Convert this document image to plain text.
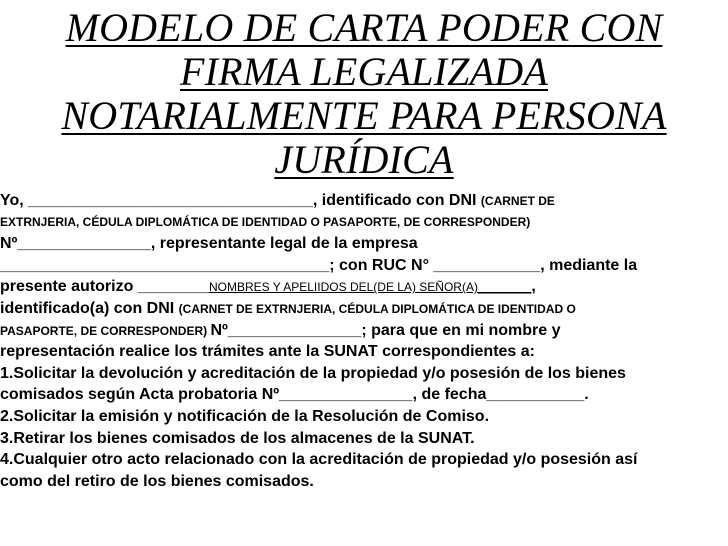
MODELO DE CARTA PODER CON
FIRMA LEGALIZADA
NOTARIALMENTE PARA PERSONA
JURÍDICA
Yo, ________________________________, identificado con DNI (CARNET DE
EXTRNJERIA, CÉDULA DIPLOMÁTICA DE IDENTIDAD O PASAPORTE, DE CORRESPONDER)
Nº_______________, representante legal de la empresa
_____________________________________; con RUC N° ____________, mediante la
presente autorizo ________NOMBRES Y APELIIDOS DEL(DE LA) SEÑOR(A)________,
identificado(a) con DNI (CARNET DE EXTRNJERIA, CÉDULA DIPLOMÁTICA DE IDENTIDAD O
PASAPORTE, DE CORRESPONDER) Nº_______________; para que en mi nombre y
representación realice los trámites ante la SUNAT correspondientes a:
1.Solicitar la devolución y acreditación de la propiedad y/o posesión de los bienes
comisados según Acta probatoria Nº_______________, de fecha___________.
2.Solicitar la emisión y notificación de la Resolución de Comiso.
3.Retirar los bienes comisados de los almacenes de la SUNAT.
4.Cualquier otro acto relacionado con la acreditación de propiedad y/o posesión así
como del retiro de los bienes comisados.
